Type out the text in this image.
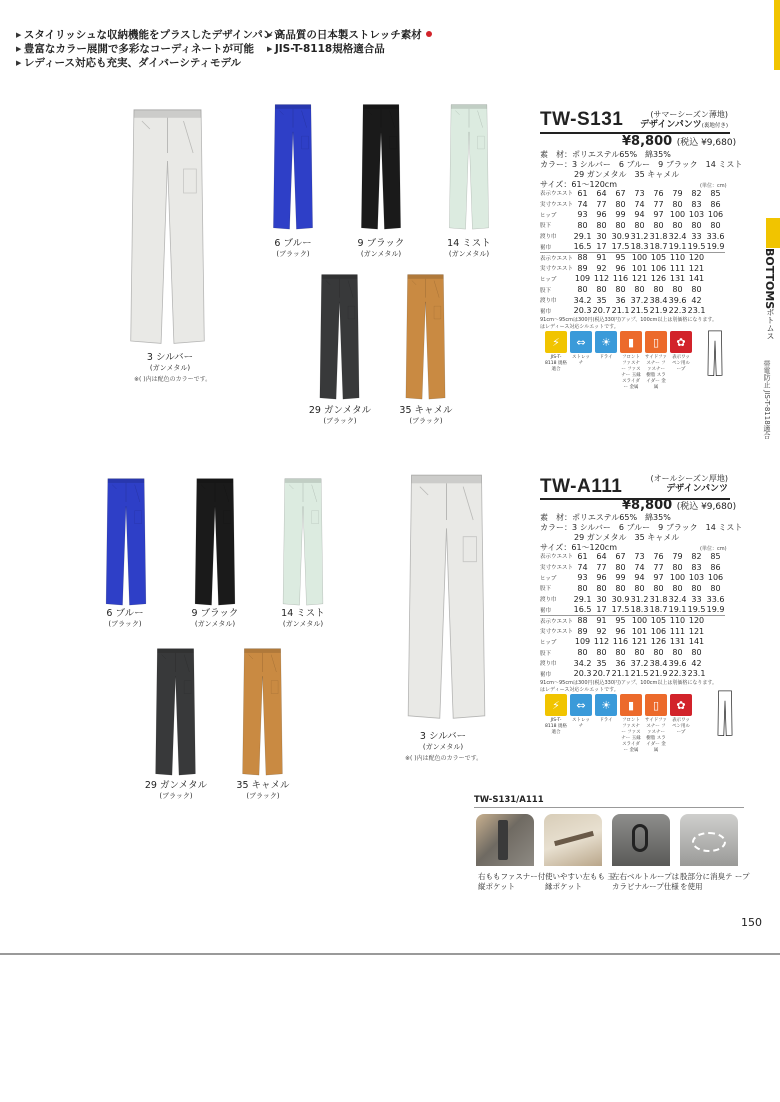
▶ スタイリッシュな収納機能をプラスしたデザインパンツ
▶ 豊富なカラー展開で多彩なコーディネートが可能
▶ レディース対応も充実、ダイバーシティモデル
▶ 高品質の日本製ストレッチ素材
▶ JIS-T-8118規格適合品
BOTTOMS
ボトムス
帯電防止 JIS-T-8118適合
3 シルバー
(ガンメタル)
※( )内は配色のカラーです。
6 ブルー
(ブラック)
9 ブラック
(ガンメタル)
14 ミスト
(ガンメタル)
29 ガンメタル
(ブラック)
35 キャメル
(ブラック)
(サマーシーズン薄地)
デザインパンツ(裏地付き)
TW-S131
¥8,800 (税込 ¥9,680)
素　材：ポリエステル65%　綿35%
カラー：3 シルバー　6 ブルー　9 ブラック　14 ミスト
29 ガンメタル　35 キャメル
サイズ：61〜120cm	(単位：cm)
表示ウエスト	61	64	67	73	76	79	82	85
実寸ウエスト	74	77	80	74	77	80	83	86
ヒップ	93	96	99	94	97	100	103	106
股下	80	80	80	80	80	80	80	80
渡り巾	29.1	30	30.9	31.2	31.8	32.4	33	33.6
裾巾	16.5	17	17.5	18.3	18.7	19.1	19.5	19.9
表示ウエスト	88	91	95	100	105	110	120	
実寸ウエスト	89	92	96	101	106	111	121	
ヒップ	109	112	116	121	126	131	141	
股下	80	80	80	80	80	80	80	
渡り巾	34.2	35	36	37.2	38.4	39.6	42	
裾巾	20.3	20.7	21.1	21.5	21.9	22.3	23.1	
91cm〜95cmは300円(税込330円)アップ、100cm以上は別価格になります。
はレディース対応シルエットです。
⚡	⇔	☀	▮	▯	✿
JIS-T-8118 規格適合
ストレッチ
ドライ	フロントファスナー ファスナー 玉縁 スライダー 金属
サイドファスナー ファスナー 樹脂 スライダー 金属
表示ワッペン用ループ
6 ブルー
(ブラック)
9 ブラック
(ガンメタル)
14 ミスト
(ガンメタル)
3 シルバー
(ガンメタル)
※( )内は配色のカラーです。
29 ガンメタル
(ブラック)
35 キャメル
(ブラック)
(オールシーズン厚地)
デザインパンツ
TW-A111
¥8,800 (税込 ¥9,680)
素　材：ポリエステル65%　綿35%
カラー：3 シルバー　6 ブルー　9 ブラック　14 ミスト
29 ガンメタル　35 キャメル
サイズ：61〜120cm	(単位：cm)
表示ウエスト	61	64	67	73	76	79	82	85
実寸ウエスト	74	77	80	74	77	80	83	86
ヒップ	93	96	99	94	97	100	103	106
股下	80	80	80	80	80	80	80	80
渡り巾	29.1	30	30.9	31.2	31.8	32.4	33	33.6
裾巾	16.5	17	17.5	18.3	18.7	19.1	19.5	19.9
表示ウエスト	88	91	95	100	105	110	120	
実寸ウエスト	89	92	96	101	106	111	121	
ヒップ	109	112	116	121	126	131	141	
股下	80	80	80	80	80	80	80	
渡り巾	34.2	35	36	37.2	38.4	39.6	42	
裾巾	20.3	20.7	21.1	21.5	21.9	22.3	23.1	
91cm〜95cmは300円(税込330円)アップ、100cm以上は別価格になります。
はレディース対応シルエットです。
⚡	⇔	☀	▮	▯	✿
JIS-T-8118 規格適合
ストレッチ
ドライ	フロントファスナー ファスナー 玉縁 スライダー 金属
サイドファスナー ファスナー 樹脂 スライダー 金属
表示ワッペン用ループ
TW-S131/A111
右ももファスナー付 縦ポケット
使いやすい左もも 玉縁ポケット
左右ベルトループは カラビナループ仕様
股部分に消臭テ ープを使用
150
